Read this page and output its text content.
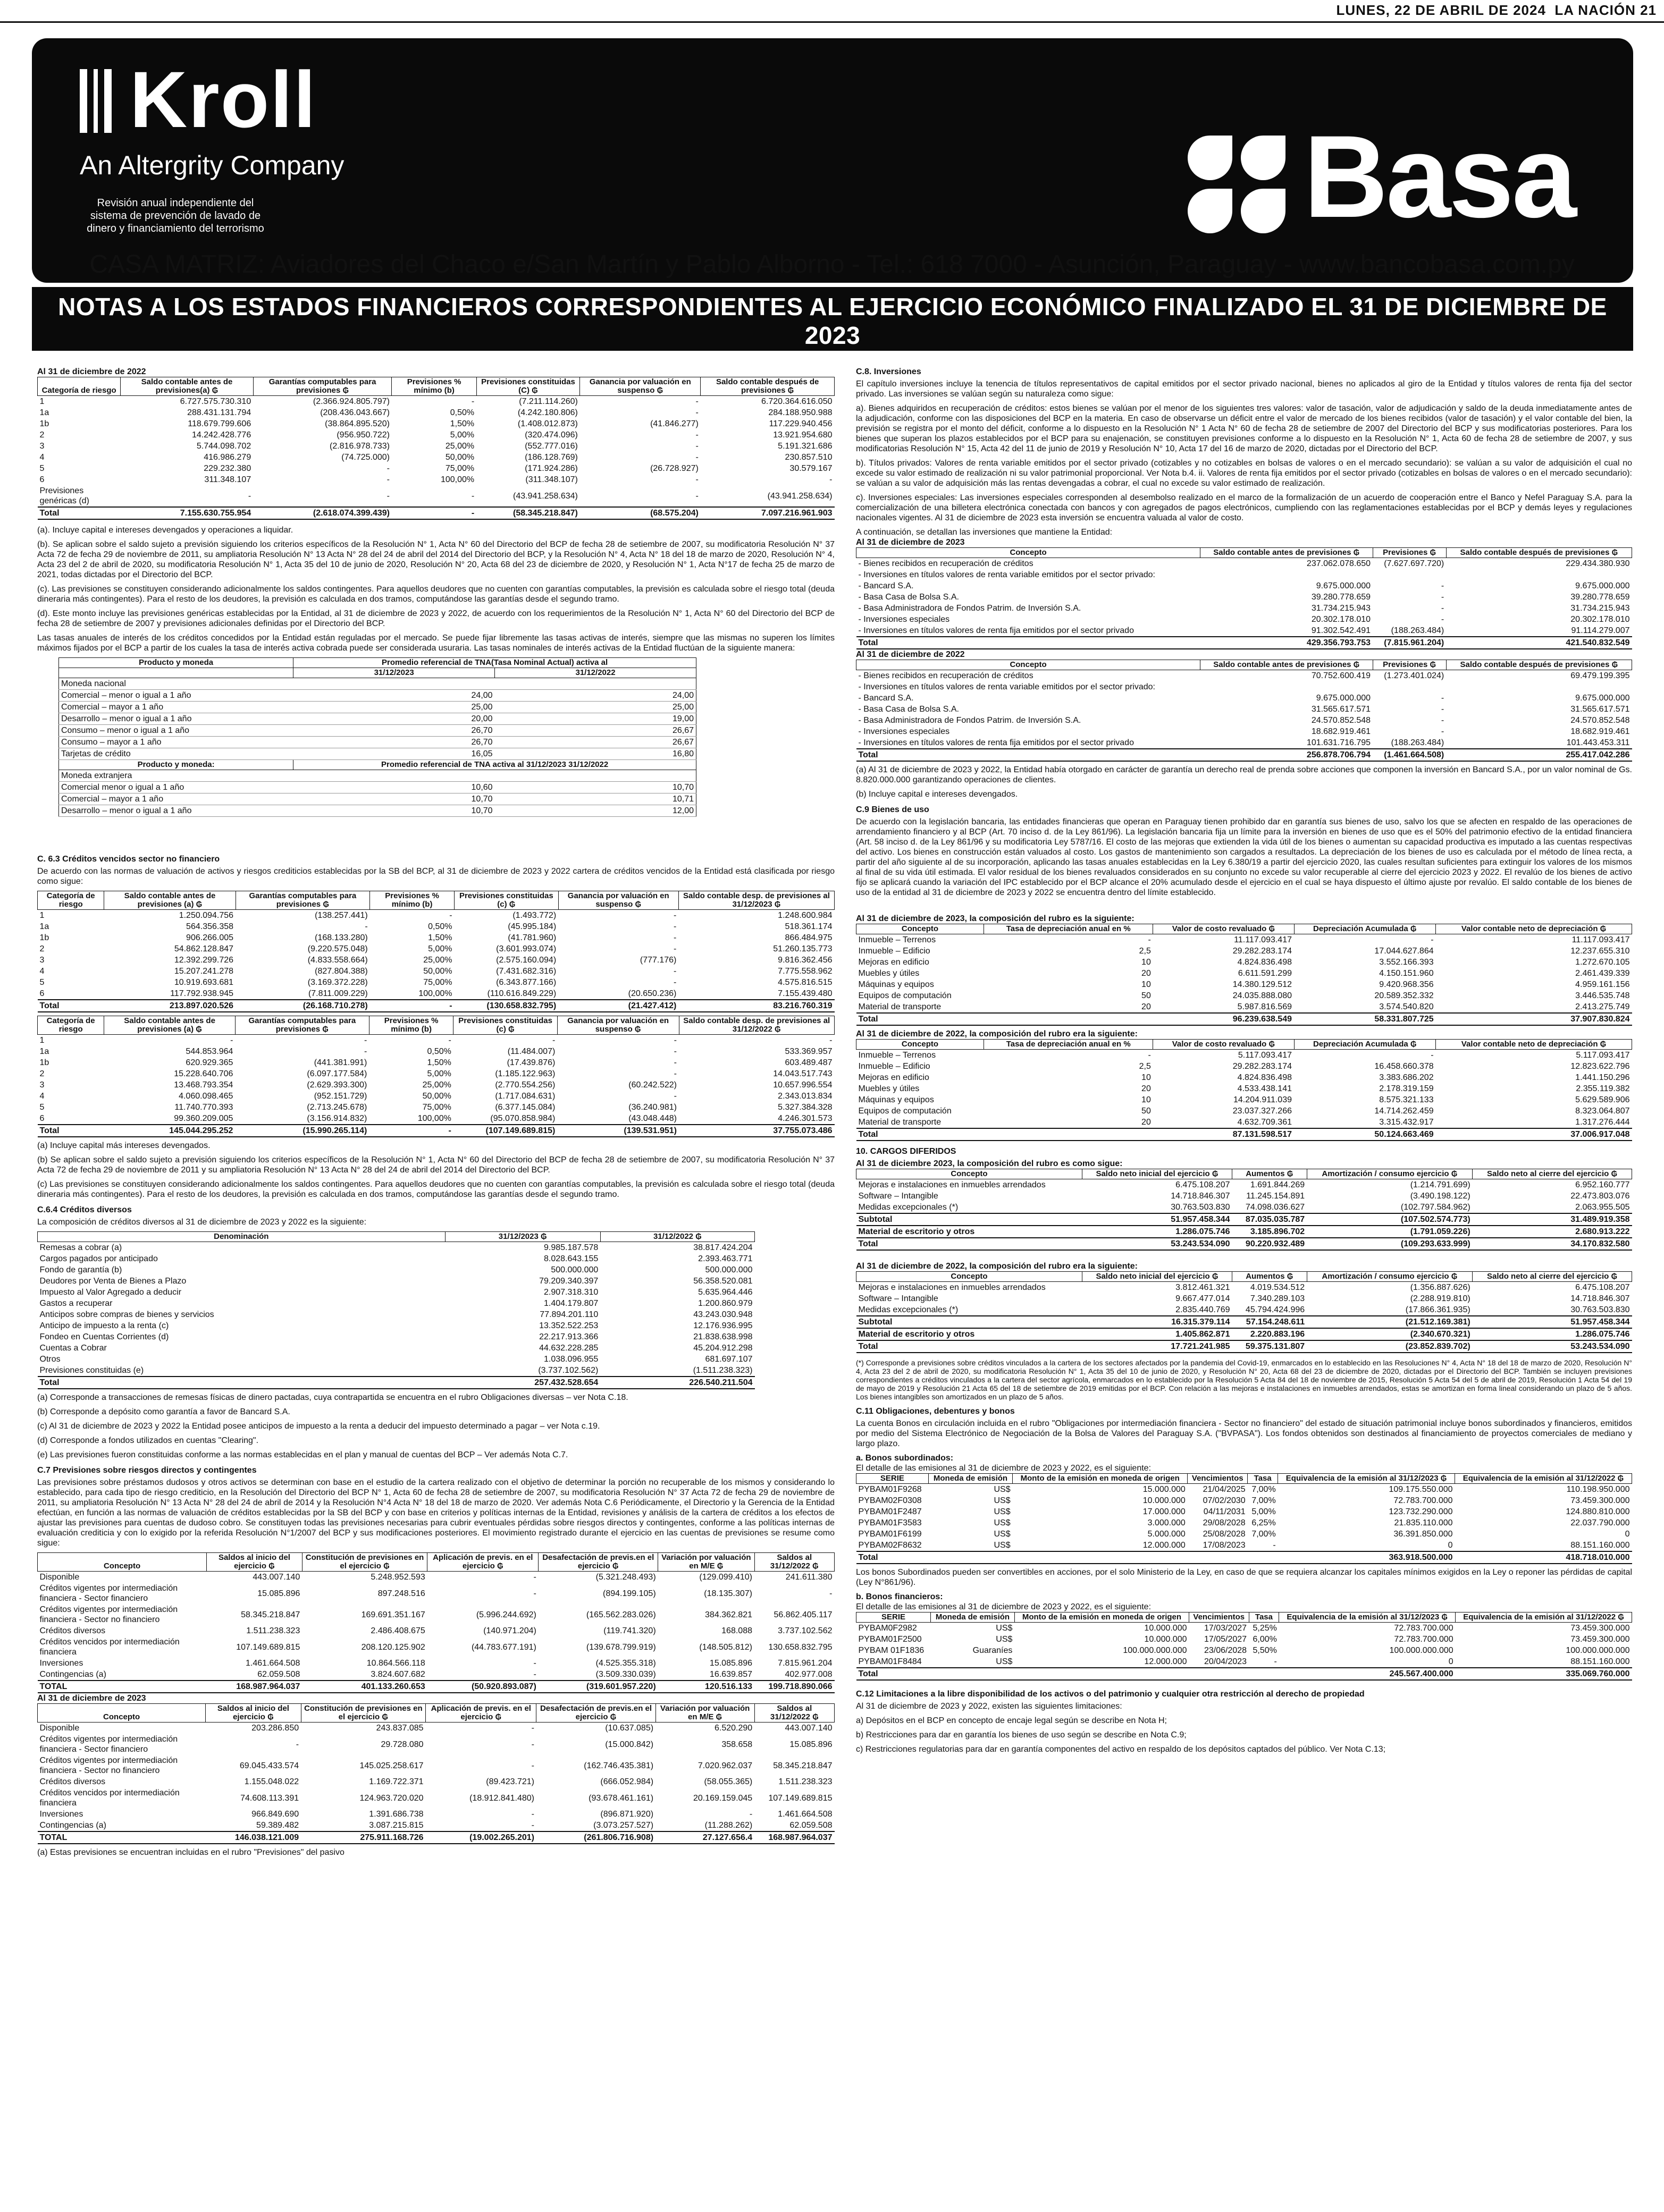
LUNES, 22 DE ABRIL DE 2024 LA NACIÓN 21
Kroll
An Altergrity Company
Revisión anual independiente del sistema de prevención de lavado de dinero y financiamiento del terrorismo	Basa
CASA MATRIZ: Aviadores del Chaco e/San Martín y Pablo Alborno - Tel.: 618 7000 - Asunción, Paraguay - www.bancobasa.com.py
NOTAS A LOS ESTADOS FINANCIEROS CORRESPONDIENTES AL EJERCICIO ECONÓMICO FINALIZADO EL 31 DE DICIEMBRE DE 2023
Presentadas en forma comparativa con el ejercicio económico anterior (Cifras expresadas en Guaraníes)
Al 31 de diciembre de 2022
Categoría de riesgo	Saldo contable antes de previsiones(a) ₲	Garantías computables para previsiones ₲	Previsiones % mínimo (b)	Previsiones constituidas (C) ₲	Ganancia por valuación en suspenso ₲	Saldo contable después de previsiones ₲
1	6.727.575.730.310	(2.366.924.805.797)	-	(7.211.114.260)	-	6.720.364.616.050
1a	288.431.131.794	(208.436.043.667)	0,50%	(4.242.180.806)	-	284.188.950.988
1b	118.679.799.606	(38.864.895.520)	1,50%	(1.408.012.873)	(41.846.277)	117.229.940.456
2	14.242.428.776	(956.950.722)	5,00%	(320.474.096)	-	13.921.954.680
3	5.744.098.702	(2.816.978.733)	25,00%	(552.777.016)	-	5.191.321.686
4	416.986.279	(74.725.000)	50,00%	(186.128.769)	-	230.857.510
5	229.232.380	-	75,00%	(171.924.286)	(26.728.927)	30.579.167
6	311.348.107	-	100,00%	(311.348.107)	-	-
Previsiones genéricas (d)	-	-	-	(43.941.258.634)	-	(43.941.258.634)
Total	7.155.630.755.954	(2.618.074.399.439)	-	(58.345.218.847)	(68.575.204)	7.097.216.961.903

(a). Incluye capital e intereses devengados y operaciones a liquidar.

(b). Se aplican sobre el saldo sujeto a previsión siguiendo los criterios específicos de la Resolución N° 1, Acta N° 60 del Directorio del BCP de fecha 28 de setiembre de 2007, su modificatoria Resolución N° 37 Acta 72 de fecha 29 de noviembre de 2011, su ampliatoria Resolución N° 13 Acta N° 28 del 24 de abril del 2014 del Directorio del BCP, y la Resolución N° 4, Acta N° 18 del 18 de marzo de 2020, Resolución N° 4, Acta 23 del 2 de abril de 2020, su modificatoria Resolución N° 1, Acta 35 del 10 de junio de 2020, Resolución N° 20, Acta 68 del 23 de diciembre de 2020, y Resolución N° 1, Acta N°17 de fecha 25 de marzo de 2021, todas dictadas por el Directorio del BCP.

(c). Las previsiones se constituyen considerando adicionalmente los saldos contingentes. Para aquellos deudores que no cuenten con garantías computables, la previsión es calculada sobre el riesgo total (deuda dineraria más contingentes). Para el resto de los deudores, la previsión es calculada en dos tramos, computándose las garantías desde el segundo tramo.

(d). Este monto incluye las previsiones genéricas establecidas por la Entidad, al 31 de diciembre de 2023 y 2022, de acuerdo con los requerimientos de la Resolución N° 1, Acta N° 60 del Directorio del BCP de fecha 28 de setiembre de 2007 y previsiones adicionales definidas por el Directorio del BCP.

Las tasas anuales de interés de los créditos concedidos por la Entidad están reguladas por el mercado. Se puede fijar libremente las tasas activas de interés, siempre que las mismas no superen los límites máximos fijados por el BCP a partir de los cuales la tasa de interés activa cobrada puede ser considerada usuraria. Las tasas nominales de interés activas de la Entidad fluctúan de la siguiente manera:

Producto y moneda	Promedio referencial de TNA(Tasa Nominal Actual) activa al	
	31/12/2023	31/12/2022
Moneda nacional		
Comercial – menor o igual a 1 año	24,00	24,00
Comercial – mayor a 1 año	25,00	25,00
Desarrollo – menor o igual a 1 año	20,00	19,00
Consumo – menor o igual a 1 año	26,70	26,67
Consumo – mayor a 1 año	26,70	26,67
Tarjetas de crédito	16,05	16,80
Producto y moneda:	Promedio referencial de TNA activa al 31/12/2023 31/12/2022	
Moneda extranjera		
Comercial menor o igual a 1 año	10,60	10,70
Comercial – mayor a 1 año	10,70	10,71
Desarrollo – menor o igual a 1 año	10,70	12,00
C. 6.3 Créditos vencidos sector no financiero

De acuerdo con las normas de valuación de activos y riesgos crediticios establecidas por la SB del BCP, al 31 de diciembre de 2023 y 2022 cartera de créditos vencidos de la Entidad está clasificada por riesgo como sigue:

Categoría de riesgo	Saldo contable antes de previsiones (a) ₲	Garantías computables para previsiones ₲	Previsiones % mínimo (b)	Previsiones constituidas (c) ₲	Ganancia por valuación en suspenso ₲	Saldo contable desp. de previsiones al 31/12/2023 ₲
1	1.250.094.756	(138.257.441)	-	(1.493.772)	-	1.248.600.984
1a	564.356.358	-	0,50%	(45.995.184)	-	518.361.174
1b	906.266.005	(168.133.280)	1,50%	(41.781.960)	-	866.484.975
2	54.862.128.847	(9.220.575.048)	5,00%	(3.601.993.074)	-	51.260.135.773
3	12.392.299.726	(4.833.558.664)	25,00%	(2.575.160.094)	(777.176)	9.816.362.456
4	15.207.241.278	(827.804.388)	50,00%	(7.431.682.316)	-	7.775.558.962
5	10.919.693.681	(3.169.372.228)	75,00%	(6.343.877.166)	-	4.575.816.515
6	117.792.938.945	(7.811.009.229)	100,00%	(110.616.849.229)	(20.650.236)	7.155.439.480
Total	213.897.020.526	(26.168.710.278)	-	(130.658.832.795)	(21.427.412)	83.216.760.319
Categoría de riesgo	Saldo contable antes de previsiones (a) ₲	Garantías computables para previsiones ₲	Previsiones % mínimo (b)	Previsiones constituidas (c) ₲	Ganancia por valuación en suspenso ₲	Saldo contable desp. de previsiones al 31/12/2022 ₲
1	-	-	-	-	-	-
1a	544.853.964	-	0,50%	(11.484.007)	-	533.369.957
1b	620.929.365	(441.381.991)	1,50%	(17.439.876)	-	603.489.487
2	15.228.640.706	(6.097.177.584)	5,00%	(1.185.122.963)	-	14.043.517.743
3	13.468.793.354	(2.629.393.300)	25,00%	(2.770.554.256)	(60.242.522)	10.657.996.554
4	4.060.098.465	(952.151.729)	50,00%	(1.717.084.631)	-	2.343.013.834
5	11.740.770.393	(2.713.245.678)	75,00%	(6.377.145.084)	(36.240.981)	5.327.384.328
6	99.360.209.005	(3.156.914.832)	100,00%	(95.070.858.984)	(43.048.448)	4.246.301.573
Total	145.044.295.252	(15.990.265.114)	-	(107.149.689.815)	(139.531.951)	37.755.073.486

(a) Incluye capital más intereses devengados.

(b) Se aplican sobre el saldo sujeto a previsión siguiendo los criterios específicos de la Resolución N° 1, Acta N° 60 del Directorio del BCP de fecha 28 de setiembre de 2007, su modificatoria Resolución N° 37 Acta 72 de fecha 29 de noviembre de 2011 y su ampliatoria Resolución N° 13 Acta N° 28 del 24 de abril del 2014 del Directorio del BCP.

(c) Las previsiones se constituyen considerando adicionalmente los saldos contingentes. Para aquellos deudores que no cuenten con garantías computables, la previsión es calculada sobre el riesgo total (deuda dineraria más contingentes). Para el resto de los deudores, la previsión es calculada en dos tramos, computándose las garantías desde el segundo tramo.

C.6.4 Créditos diversos

La composición de créditos diversos al 31 de diciembre de 2023 y 2022 es la siguiente:

Denominación	31/12/2023 ₲	31/12/2022 ₲
Remesas a cobrar (a)	9.985.187.578	38.817.424.204
Cargos pagados por anticipado	8.028.643.155	2.393.463.771
Fondo de garantía (b)	500.000.000	500.000.000
Deudores por Venta de Bienes a Plazo	79.209.340.397	56.358.520.081
Impuesto al Valor Agregado a deducir	2.907.318.310	5.635.964.446
Gastos a recuperar	1.404.179.807	1.200.860.979
Anticipos sobre compras de bienes y servicios	77.894.201.110	43.243.030.948
Anticipo de impuesto a la renta (c)	13.352.522.253	12.176.936.995
Fondeo en Cuentas Corrientes (d)	22.217.913.366	21.838.638.998
Cuentas a Cobrar	44.632.228.285	45.204.912.298
Otros	1.038.096.955	681.697.107
Previsiones constituidas (e)	(3.737.102.562)	(1.511.238.323)
Total	257.432.528.654	226.540.211.504

(a) Corresponde a transacciones de remesas físicas de dinero pactadas, cuya contrapartida se encuentra en el rubro Obligaciones diversas – ver Nota C.18.

(b) Corresponde a depósito como garantía a favor de Bancard S.A.

(c) Al 31 de diciembre de 2023 y 2022 la Entidad posee anticipos de impuesto a la renta a deducir del impuesto determinado a pagar – ver Nota c.19.

(d) Corresponde a fondos utilizados en cuentas "Clearing".

(e) Las previsiones fueron constituidas conforme a las normas establecidas en el plan y manual de cuentas del BCP – Ver además Nota C.7.

C.7 Previsiones sobre riesgos directos y contingentes

Las previsiones sobre préstamos dudosos y otros activos se determinan con base en el estudio de la cartera realizado con el objetivo de determinar la porción no recuperable de los mismos y considerando lo establecido, para cada tipo de riesgo crediticio, en la Resolución del Directorio del BCP N° 1, Acta 60 de fecha 28 de setiembre de 2007, su modificatoria Resolución N° 37 Acta 72 de fecha 29 de noviembre de 2011, su ampliatoria Resolución N° 13 Acta N° 28 del 24 de abril de 2014 y la Resolución N°4 Acta N° 18 del 18 de marzo de 2020. Ver además Nota C.6 Periódicamente, el Directorio y la Gerencia de la Entidad efectúan, en función a las normas de valuación de créditos establecidas por la SB del BCP y con base en criterios y políticas internas de la Entidad, revisiones y análisis de la cartera de créditos a los efectos de ajustar las previsiones para cuentas de dudoso cobro. Se constituyen todas las previsiones necesarias para cubrir eventuales pérdidas sobre riesgos directos y contingentes, conforme a las políticas internas de evaluación crediticia y con lo exigido por la referida Resolución N°1/2007 del BCP y sus modificaciones posteriores. El movimiento registrado durante el ejercicio en las cuentas de previsiones se resume como sigue:

Concepto	Saldos al inicio del ejercicio ₲	Constitución de previsiones en el ejercicio ₲	Aplicación de previs. en el ejercicio ₲	Desafectación de previs.en el ejercicio ₲	Variación por valuación en M/E ₲	Saldos al 31/12/2022 ₲
Disponible	443.007.140	5.248.952.593	-	(5.321.248.493)	(129.099.410)	241.611.380
Créditos vigentes por intermediación financiera - Sector financiero	15.085.896	897.248.516	-	(894.199.105)	(18.135.307)	-
Créditos vigentes por intermediación financiera - Sector no financiero	58.345.218.847	169.691.351.167	(5.996.244.692)	(165.562.283.026)	384.362.821	56.862.405.117
Créditos diversos	1.511.238.323	2.486.408.675	(140.971.204)	(119.741.320)	168.088	3.737.102.562
Créditos vencidos por intermediación financiera	107.149.689.815	208.120.125.902	(44.783.677.191)	(139.678.799.919)	(148.505.812)	130.658.832.795
Inversiones	1.461.664.508	10.864.566.118	-	(4.525.355.318)	15.085.896	7.815.961.204
Contingencias (a)	62.059.508	3.824.607.682	-	(3.509.330.039)	16.639.857	402.977.008
TOTAL	168.987.964.037	401.133.260.653	(50.920.893.087)	(319.601.957.220)	120.516.133	199.718.890.066
Al 31 de diciembre de 2023
Concepto	Saldos al inicio del ejercicio ₲	Constitución de previsiones en el ejercicio ₲	Aplicación de previs. en el ejercicio ₲	Desafectación de previs.en el ejercicio ₲	Variación por valuación en M/E ₲	Saldos al 31/12/2022 ₲
Disponible	203.286.850	243.837.085	-	(10.637.085)	6.520.290	443.007.140
Créditos vigentes por intermediación financiera - Sector financiero	-	29.728.080	-	(15.000.842)	358.658	15.085.896
Créditos vigentes por intermediación financiera - Sector no financiero	69.045.433.574	145.025.258.617	-	(162.746.435.381)	7.020.962.037	58.345.218.847
Créditos diversos	1.155.048.022	1.169.722.371	(89.423.721)	(666.052.984)	(58.055.365)	1.511.238.323
Créditos vencidos por intermediación financiera	74.608.113.391	124.963.720.020	(18.912.841.480)	(93.678.461.161)	20.169.159.045	107.149.689.815
Inversiones	966.849.690	1.391.686.738	-	(896.871.920)	-	1.461.664.508
Contingencias (a)	59.389.482	3.087.215.815	-	(3.073.257.527)	(11.288.262)	62.059.508
TOTAL	146.038.121.009	275.911.168.726	(19.002.265.201)	(261.806.716.908)	27.127.656.4	168.987.964.037

(a) Estas previsiones se encuentran incluidas en el rubro "Previsiones" del pasivo

C.8. Inversiones

El capítulo inversiones incluye la tenencia de títulos representativos de capital emitidos por el sector privado nacional, bienes no aplicados al giro de la Entidad y títulos valores de renta fija del sector privado. Las inversiones se valúan según su naturaleza como sigue:

a). Bienes adquiridos en recuperación de créditos: estos bienes se valúan por el menor de los siguientes tres valores: valor de tasación, valor de adjudicación y saldo de la deuda inmediatamente antes de la adjudicación, conforme con las disposiciones del BCP en la materia. En caso de observarse un déficit entre el valor de mercado de los bienes recibidos (valor de tasación) y el valor contable del bien, la previsión se registra por el monto del déficit, conforme a lo dispuesto en la Resolución N° 1 Acta N° 60 de fecha 28 de setiembre de 2007 del Directorio del BCP y sus modificatorias posteriores. Para los bienes que superan los plazos establecidos por el BCP para su enajenación, se constituyen previsiones conforme a lo dispuesto en la Resolución N° 1, Acta 60 de fecha 28 de setiembre de 2007, y sus modificatorias Resolución N° 15, Acta 42 del 11 de junio de 2019 y Resolución N° 10, Acta 17 del 16 de marzo de 2020, dictadas por el Directorio del BCP.

b). Títulos privados: Valores de renta variable emitidos por el sector privado (cotizables y no cotizables en bolsas de valores o en el mercado secundario): se valúan a su valor de adquisición el cual no excede su valor estimado de realización ni su valor patrimonial proporcional. Ver Nota b.4. ii. Valores de renta fija emitidos por el sector privado (cotizables en bolsas de valores o en el mercado secundario): se valúan a su valor de adquisición más las rentas devengadas a cobrar, el cual no excede su valor estimado de realización.

c). Inversiones especiales: Las inversiones especiales corresponden al desembolso realizado en el marco de la formalización de un acuerdo de cooperación entre el Banco y Nefel Paraguay S.A. para la comercialización de una billetera electrónica conectada con bancos y con agregados de pagos electrónicos, cumpliendo con las reglamentaciones establecidas por el BCP y demás leyes y regulaciones nacionales vigentes. Al 31 de diciembre de 2023 esta inversión se encuentra valuada al valor de costo.

A continuación, se detallan las inversiones que mantiene la Entidad:
Al 31 de diciembre de 2023
Concepto	Saldo contable antes de previsiones ₲	Previsiones ₲	Saldo contable después de previsiones ₲
- Bienes recibidos en recuperación de créditos	237.062.078.650	(7.627.697.720)	229.434.380.930
- Inversiones en títulos valores de renta variable emitidos por el sector privado:			
- Bancard S.A.	9.675.000.000	-	9.675.000.000
- Basa Casa de Bolsa S.A.	39.280.778.659	-	39.280.778.659
- Basa Administradora de Fondos Patrim. de Inversión S.A.	31.734.215.943	-	31.734.215.943
- Inversiones especiales	20.302.178.010	-	20.302.178.010
- Inversiones en títulos valores de renta fija emitidos por el sector privado	91.302.542.491	(188.263.484)	91.114.279.007
Total	429.356.793.753	(7.815.961.204)	421.540.832.549
Al 31 de diciembre de 2022
Concepto	Saldo contable antes de previsiones ₲	Previsiones ₲	Saldo contable después de previsiones ₲
- Bienes recibidos en recuperación de créditos	70.752.600.419	(1.273.401.024)	69.479.199.395
- Inversiones en títulos valores de renta variable emitidos por el sector privado:			
- Bancard S.A.	9.675.000.000	-	9.675.000.000
- Basa Casa de Bolsa S.A.	31.565.617.571	-	31.565.617.571
- Basa Administradora de Fondos Patrim. de Inversión S.A.	24.570.852.548	-	24.570.852.548
- Inversiones especiales	18.682.919.461	-	18.682.919.461
- Inversiones en títulos valores de renta fija emitidos por el sector privado	101.631.716.795	(188.263.484)	101.443.453.311
Total	256.878.706.794	(1.461.664.508)	255.417.042.286

(a) Al 31 de diciembre de 2023 y 2022, la Entidad había otorgado en carácter de garantía un derecho real de prenda sobre acciones que componen la inversión en Bancard S.A., por un valor nominal de Gs. 8.820.000.000 garantizando operaciones de clientes.

(b) Incluye capital e intereses devengados.

C.9 Bienes de uso

De acuerdo con la legislación bancaria, las entidades financieras que operan en Paraguay tienen prohibido dar en garantía sus bienes de uso, salvo los que se afecten en respaldo de las operaciones de arrendamiento financiero y al BCP (Art. 70 inciso d. de la Ley 861/96). La legislación bancaria fija un límite para la inversión en bienes de uso que es el 50% del patrimonio efectivo de la entidad financiera (Art. 58 inciso d. de la Ley 861/96 y su modificatoria Ley 5787/16. El costo de las mejoras que extienden la vida útil de los bienes o aumentan su capacidad productiva es imputado a las cuentas respectivas del activo. Los bienes en construcción están valuados al costo. Los gastos de mantenimiento son cargados a resultados. La depreciación de los bienes de uso es calculada por el método de línea recta, a partir del año siguiente al de su incorporación, aplicando las tasas anuales establecidas en la Ley 6.380/19 a partir del ejercicio 2020, las cuales resultan suficientes para extinguir los valores de los mismos al final de su vida útil estimada. El valor residual de los bienes revaluados considerados en su conjunto no excede su valor recuperable al cierre del ejercicio 2023 y 2022. El revalúo de los bienes de activo fijo se aplicará cuando la variación del IPC establecido por el BCP alcance el 20% acumulado desde el ejercicio en el cual se haya dispuesto el último ajuste por revalúo. El saldo contable de los bienes de uso de la entidad al 31 de diciembre de 2023 y 2022 se encuentra dentro del límite establecido.

Al 31 de diciembre de 2023, la composición del rubro es la siguiente:
Concepto	Tasa de depreciación anual en %	Valor de costo revaluado ₲	Depreciación Acumulada ₲	Valor contable neto de depreciación ₲
Inmueble – Terrenos	-	11.117.093.417	-	11.117.093.417
Inmueble – Edificio	2,5	29.282.283.174	17.044.627.864	12.237.655.310
Mejoras en edificio	10	4.824.836.498	3.552.166.393	1.272.670.105
Muebles y útiles	20	6.611.591.299	4.150.151.960	2.461.439.339
Máquinas y equipos	10	14.380.129.512	9.420.968.356	4.959.161.156
Equipos de computación	50	24.035.888.080	20.589.352.332	3.446.535.748
Material de transporte	20	5.987.816.569	3.574.540.820	2.413.275.749
Total		96.239.638.549	58.331.807.725	37.907.830.824
Al 31 de diciembre de 2022, la composición del rubro era la siguiente:
Concepto	Tasa de depreciación anual en %	Valor de costo revaluado ₲	Depreciación Acumulada ₲	Valor contable neto de depreciación ₲
Inmueble – Terrenos	-	5.117.093.417	-	5.117.093.417
Inmueble – Edificio	2,5	29.282.283.174	16.458.660.378	12.823.622.796
Mejoras en edificio	10	4.824.836.498	3.383.686.202	1.441.150.296
Muebles y útiles	20	4.533.438.141	2.178.319.159	2.355.119.382
Máquinas y equipos	10	14.204.911.039	8.575.321.133	5.629.589.906
Equipos de computación	50	23.037.327.266	14.714.262.459	8.323.064.807
Material de transporte	20	4.632.709.361	3.315.432.917	1.317.276.444
Total		87.131.598.517	50.124.663.469	37.006.917.048
10. CARGOS DIFERIDOS
Al 31 de diciembre 2023, la composición del rubro es como sigue:
Concepto	Saldo neto inicial del ejercicio ₲	Aumentos ₲	Amortización / consumo ejercicio ₲	Saldo neto al cierre del ejercicio ₲
Mejoras e instalaciones en inmuebles arrendados	6.475.108.207	1.691.844.269	(1.214.791.699)	6.952.160.777
Software – Intangible	14.718.846.307	11.245.154.891	(3.490.198.122)	22.473.803.076
Medidas excepcionales (*)	30.763.503.830	74.098.036.627	(102.797.584.962)	2.063.955.505
Subtotal	51.957.458.344	87.035.035.787	(107.502.574.773)	31.489.919.358
Material de escritorio y otros	1.286.075.746	3.185.896.702	(1.791.059.226)	2.680.913.222
Total	53.243.534.090	90.220.932.489	(109.293.633.999)	34.170.832.580
Al 31 de diciembre de 2022, la composición del rubro era la siguiente:
Concepto	Saldo neto inicial del ejercicio ₲	Aumentos ₲	Amortización / consumo ejercicio ₲	Saldo neto al cierre del ejercicio ₲
Mejoras e instalaciones en inmuebles arrendados	3.812.461.321	4.019.534.512	(1.356.887.626)	6.475.108.207
Software – Intangible	9.667.477.014	7.340.289.103	(2.288.919.810)	14.718.846.307
Medidas excepcionales (*)	2.835.440.769	45.794.424.996	(17.866.361.935)	30.763.503.830
Subtotal	16.315.379.114	57.154.248.611	(21.512.169.381)	51.957.458.344
Material de escritorio y otros	1.405.862.871	2.220.883.196	(2.340.670.321)	1.286.075.746
Total	17.721.241.985	59.375.131.807	(23.852.839.702)	53.243.534.090

(*) Corresponde a previsiones sobre créditos vinculados a la cartera de los sectores afectados por la pandemia del Covid-19, enmarcados en lo establecido en las Resoluciones N° 4, Acta N° 18 del 18 de marzo de 2020, Resolución N° 4, Acta 23 del 2 de abril de 2020, su modificatoria Resolución N° 1, Acta 35 del 10 de junio de 2020, y Resolución N° 20, Acta 68 del 23 de diciembre de 2020, dictadas por el Directorio del BCP. También se incluyen previsiones correspondientes a créditos vinculados a la cartera del sector agrícola, enmarcados en lo establecido por la Resolución 5 Acta 84 del 18 de noviembre de 2015, Resolución 5 Acta 54 del 5 de abril de 2019, Resolución 1 Acta 54 del 19 de mayo de 2019 y Resolución 21 Acta 65 del 18 de setiembre de 2019 emitidas por el BCP. Con relación a las mejoras e instalaciones en inmuebles arrendados, estas se amortizan en forma lineal considerando un plazo de 5 años. Los bienes intangibles son amortizados en un plazo de 5 años.

C.11 Obligaciones, debentures y bonos

La cuenta Bonos en circulación incluida en el rubro "Obligaciones por intermediación financiera - Sector no financiero" del estado de situación patrimonial incluye bonos subordinados y financieros, emitidos por medio del Sistema Electrónico de Negociación de la Bolsa de Valores del Paraguay S.A. ("BVPASA"). Los fondos obtenidos son destinados al financiamiento de proyectos comerciales de mediano y largo plazo.

a. Bonos subordinados:
El detalle de las emisiones al 31 de diciembre de 2023 y 2022, es el siguiente:
SERIE	Moneda de emisión	Monto de la emisión en moneda de origen	Vencimientos	Tasa	Equivalencia de la emisión al 31/12/2023 ₲	Equivalencia de la emisión al 31/12/2022 ₲
PYBAM01F9268	US$	15.000.000	21/04/2025	7,00%	109.175.550.000	110.198.950.000
PYBAM02F0308	US$	10.000.000	07/02/2030	7,00%	72.783.700.000	73.459.300.000
PYBAM01F2487	US$	17.000.000	04/11/2031	5,00%	123.732.290.000	124.880.810.000
PYBAM01F3583	US$	3.000.000	29/08/2028	6,25%	21.835.110.000	22.037.790.000
PYBAM01F6199	US$	5.000.000	25/08/2028	7,00%	36.391.850.000	0
PYBAM02F8632	US$	12.000.000	17/08/2023	-	0	88.151.160.000
Total					363.918.500.000	418.718.010.000

Los bonos Subordinados pueden ser convertibles en acciones, por el solo Ministerio de la Ley, en caso de que se requiera alcanzar los capitales mínimos exigidos en la Ley o reponer las pérdidas de capital (Ley N°861/96).

b. Bonos financieros:
El detalle de las emisiones al 31 de diciembre de 2023 y 2022, es el siguiente:
SERIE	Moneda de emisión	Monto de la emisión en moneda de origen	Vencimientos	Tasa	Equivalencia de la emisión al 31/12/2023 ₲	Equivalencia de la emisión al 31/12/2022 ₲
PYBAM0F2982	US$	10.000.000	17/03/2027	5,25%	72.783.700.000	73.459.300.000
PYBAM01F2500	US$	10.000.000	17/05/2027	6,00%	72.783.700.000	73.459.300.000
PYBAM 01F1836	Guaraníes	100.000.000.000	23/06/2028	5,50%	100.000.000.000	100.000.000.000
PYBAM01F8484	US$	12.000.000	20/04/2023	-	0	88.151.160.000
Total					245.567.400.000	335.069.760.000
C.12 Limitaciones a la libre disponibilidad de los activos o del patrimonio y cualquier otra restricción al derecho de propiedad

Al 31 de diciembre de 2023 y 2022, existen las siguientes limitaciones:

a) Depósitos en el BCP en concepto de encaje legal según se describe en Nota H;

b) Restricciones para dar en garantía los bienes de uso según se describe en Nota C.9;

c) Restricciones regulatorias para dar en garantía componentes del activo en respaldo de los depósitos captados del público. Ver Nota C.13;
